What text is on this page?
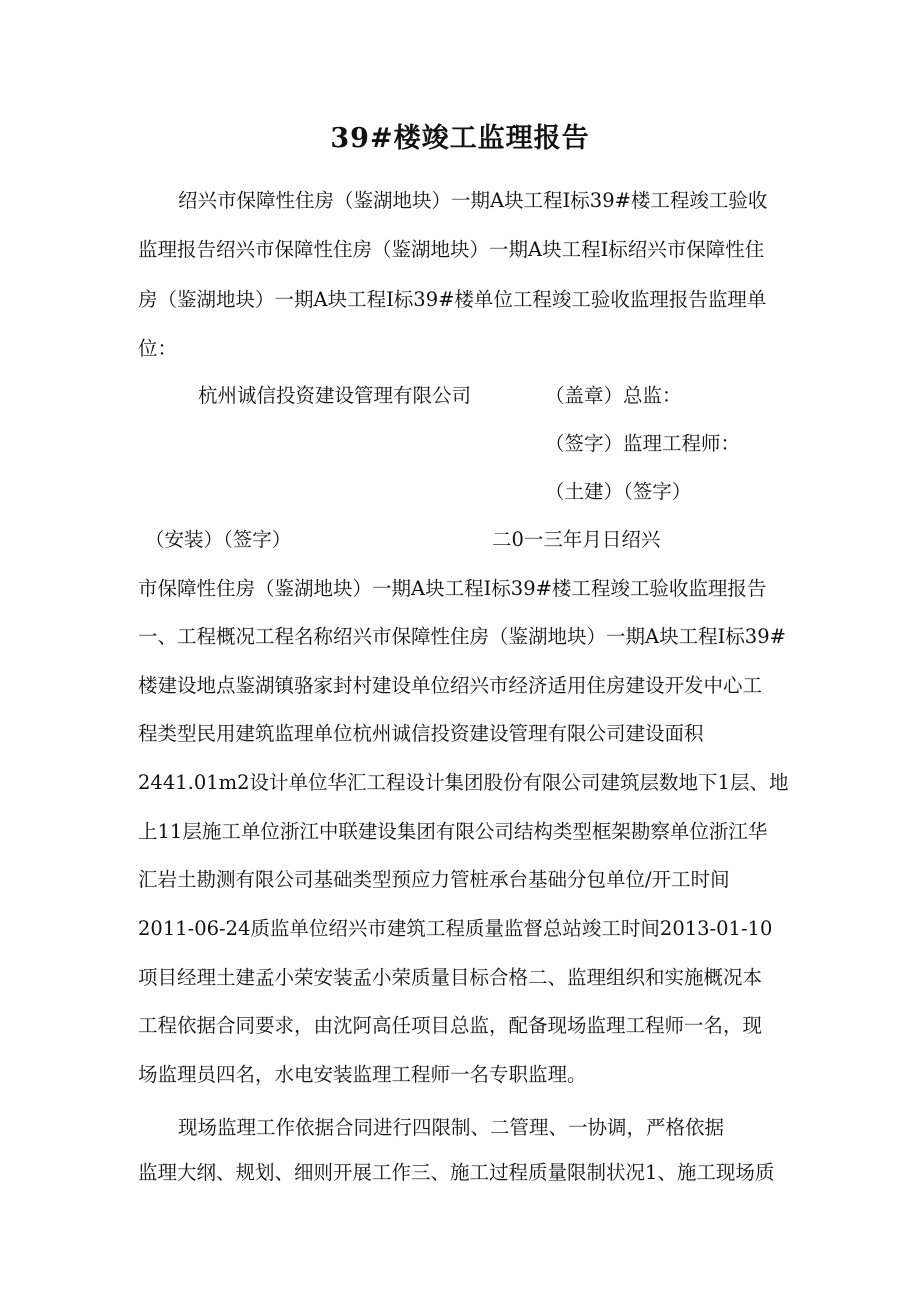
39#楼竣工监理报告
绍兴市保障性住房（鉴湖地块）一期A块工程I标39#楼工程竣工验收
监理报告绍兴市保障性住房（鉴湖地块）一期A块工程I标绍兴市保障性住
房（鉴湖地块）一期A块工程I标39#楼单位工程竣工验收监理报告监理单
位：
杭州诚信投资建设管理有限公司	（盖章）总监：
（签字）监理工程师：
（土建）（签字）
（安装）（签字）	二0一三年月日绍兴
市保障性住房（鉴湖地块）一期A块工程I标39#楼工程竣工验收监理报告
一、工程概况工程名称绍兴市保障性住房（鉴湖地块）一期A块工程I标39#
楼建设地点鉴湖镇骆家封村建设单位绍兴市经济适用住房建设开发中心工
程类型民用建筑监理单位杭州诚信投资建设管理有限公司建设面积
2441.01m2设计单位华汇工程设计集团股份有限公司建筑层数地下1层、地
上11层施工单位浙江中联建设集团有限公司结构类型框架勘察单位浙江华
汇岩土勘测有限公司基础类型预应力管桩承台基础分包单位/开工时间
2011-06-24质监单位绍兴市建筑工程质量监督总站竣工时间2013-01-10
项目经理土建孟小荣安装孟小荣质量目标合格二、监理组织和实施概况本
工程依据合同要求，由沈阿高任项目总监，配备现场监理工程师一名，现
场监理员四名，水电安装监理工程师一名专职监理。
现场监理工作依据合同进行四限制、二管理、一协调，严格依据
监理大纲、规划、细则开展工作三、施工过程质量限制状况1、施工现场质
